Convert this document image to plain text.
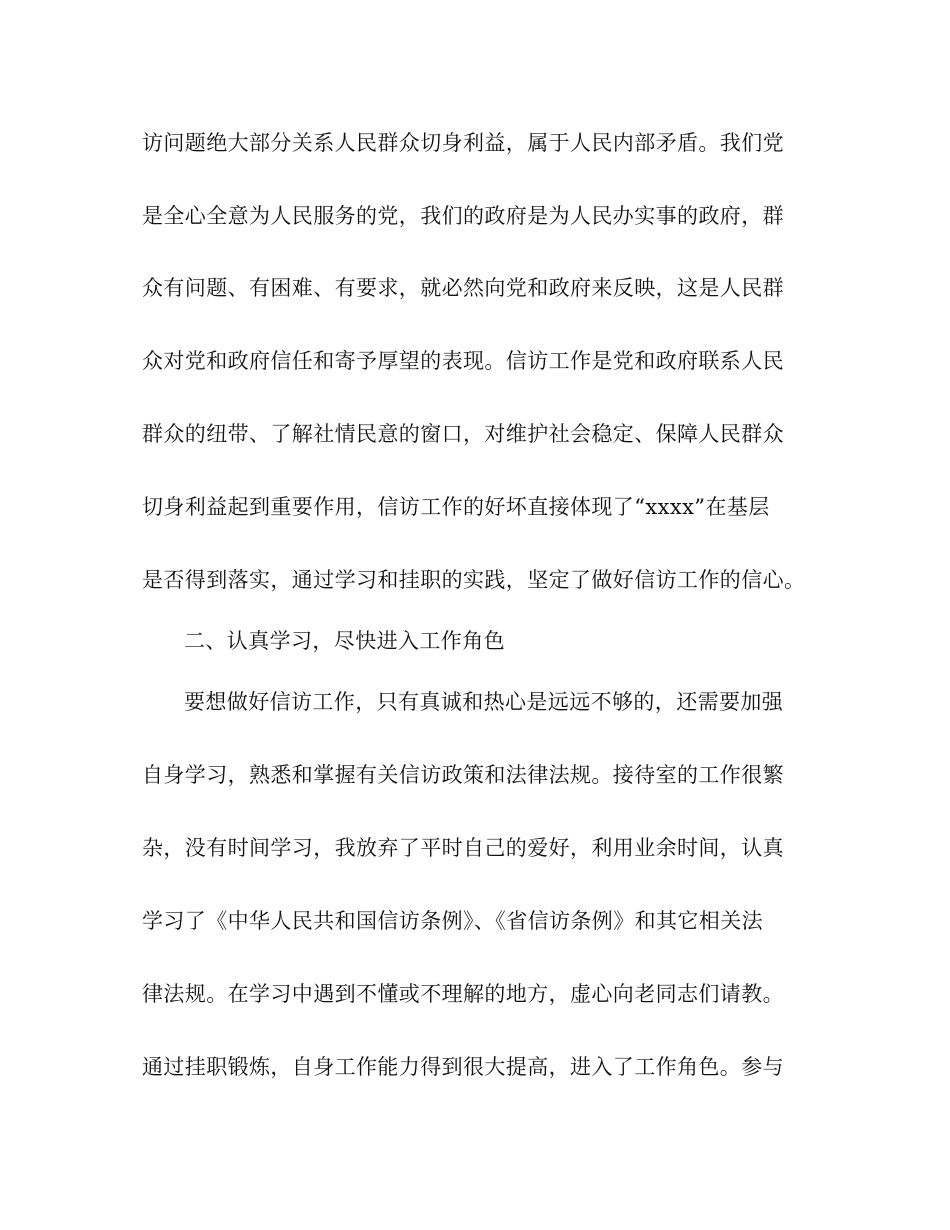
访问题绝大部分关系人民群众切身利益，属于人民内部矛盾。我们党
是全心全意为人民服务的党，我们的政府是为人民办实事的政府，群
众有问题、有困难、有要求，就必然向党和政府来反映，这是人民群
众对党和政府信任和寄予厚望的表现。信访工作是党和政府联系人民
群众的纽带、了解社情民意的窗口，对维护社会稳定、保障人民群众
切身利益起到重要作用，信访工作的好坏直接体现了“xxxx”在基层
是否得到落实，通过学习和挂职的实践，坚定了做好信访工作的信心。
二、认真学习，尽快进入工作角色
要想做好信访工作，只有真诚和热心是远远不够的，还需要加强
自身学习，熟悉和掌握有关信访政策和法律法规。接待室的工作很繁
杂，没有时间学习，我放弃了平时自己的爱好，利用业余时间，认真
学习了《中华人民共和国信访条例》、《省信访条例》和其它相关法
律法规。在学习中遇到不懂或不理解的地方，虚心向老同志们请教。
通过挂职锻炼，自身工作能力得到很大提高，进入了工作角色。参与
